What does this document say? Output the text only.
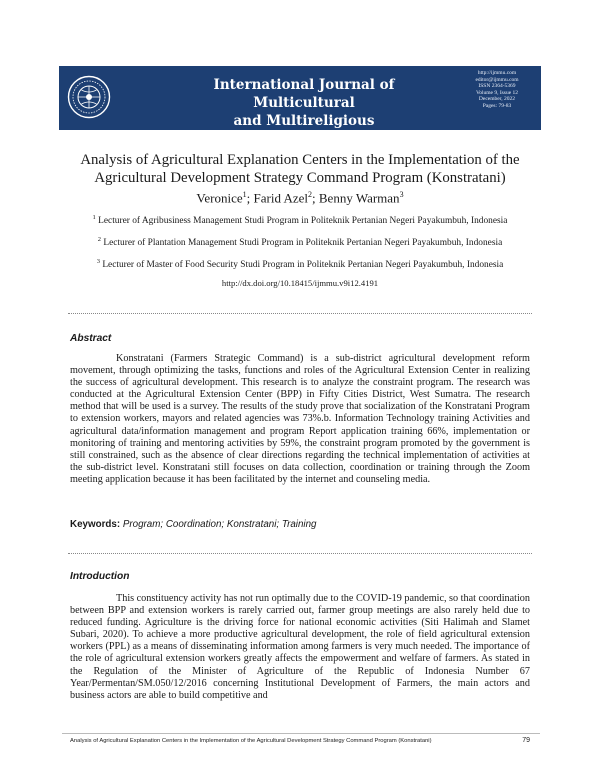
International Journal of Multicultural
and Multireligious Understanding
http://ijmmu.com
editor@ijmmu.com
ISSN 2364-5369
Volume 9, Issue 12
December, 2022
Pages: 79-83
Analysis of Agricultural Explanation Centers in the Implementation of the
Agricultural Development Strategy Command Program (Konstratani)
Veronice$^1$; Farid Azel$^2$; Benny Warman$^3$
$^1$ Lecturer of Agribusiness Management Studi Program in Politeknik Pertanian Negeri Payakumbuh, Indonesia
$^2$ Lecturer of Plantation Management Studi Program in Politeknik Pertanian Negeri Payakumbuh, Indonesia
$^3$ Lecturer of Master of Food Security Studi Program in Politeknik Pertanian Negeri Payakumbuh, Indonesia
http://dx.doi.org/10.18415/ijmmu.v9i12.4191
Abstract
Konstratani (Farmers Strategic Command) is a sub-district agricultural development reform movement, through optimizing the tasks, functions and roles of the Agricultural Extension Center in realizing the success of agricultural development. This research is to analyze the constraint program. The research was conducted at the Agricultural Extension Center (BPP) in Fifty Cities District, West Sumatra. The research method that will be used is a survey. The results of the study prove that socialization of the Konstratani Program to extension workers, mayors and related agencies was 73%.b. Information Technology training Activities and agricultural data/information management and program Report application training 66%, implementation or monitoring of training and mentoring activities by 59%, the constraint program promoted by the government is still constrained, such as the absence of clear directions regarding the technical implementation of activities at the sub-district level. Konstratani still focuses on data collection, coordination or training through the Zoom meeting application because it has been facilitated by the internet and counseling media.
Keywords: Program; Coordination; Konstratani; Training
Introduction
This constituency activity has not run optimally due to the COVID-19 pandemic, so that coordination between BPP and extension workers is rarely carried out, farmer group meetings are also rarely held due to reduced funding. Agriculture is the driving force for national economic activities (Siti Halimah and Slamet Subari, 2020). To achieve a more productive agricultural development, the role of field agricultural extension workers (PPL) as a means of disseminating information among farmers is very much needed. The importance of the role of agricultural extension workers greatly affects the empowerment and welfare of farmers. As stated in the Regulation of the Minister of Agriculture of the Republic of Indonesia Number 67 Year/Permentan/SM.050/12/2016 concerning Institutional Development of Farmers, the main actors and business actors are able to build competitive and
Analysis of Agricultural Explanation Centers in the Implementation of the Agricultural Development Strategy Command Program (Konstratani)	79
